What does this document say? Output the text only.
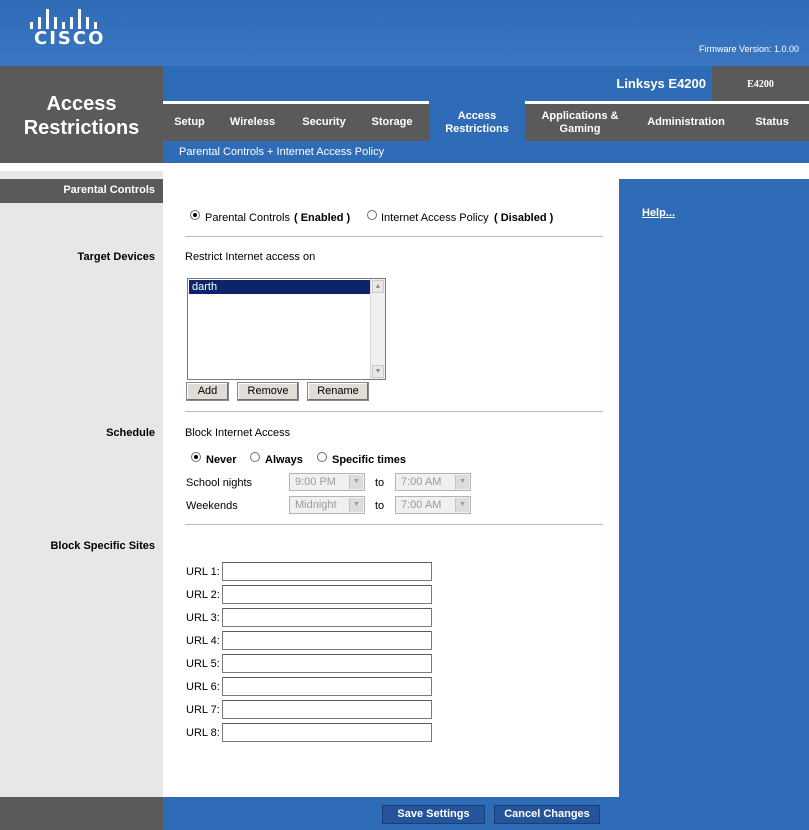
CISCO	Firmware Version: 1.0.00
Access
Restrictions
Linksys E4200	E4200
Setup	Wireless	Security	Storage
Access
Restrictions
Applications &
Gaming
Administration	Status
Parental Controls + Internet Access Policy
Parental Controls
Target Devices
Schedule
Block Specific Sites
Parental Controls ( Enabled )	Internet Access Policy ( Disabled )
Restrict Internet access on
darth	▲
▼
Add	Remove	Rename
Block Internet Access
Never	Always	Specific times
School nights	9:00 PM	▼ to	7:00 AM	▼
Weekends	Midnight	▼ to	7:00 AM	▼
URL 1:
URL 2:
URL 3:
URL 4:
URL 5:
URL 6:
URL 7:
URL 8:
Help...
Save Settings	Cancel Changes
